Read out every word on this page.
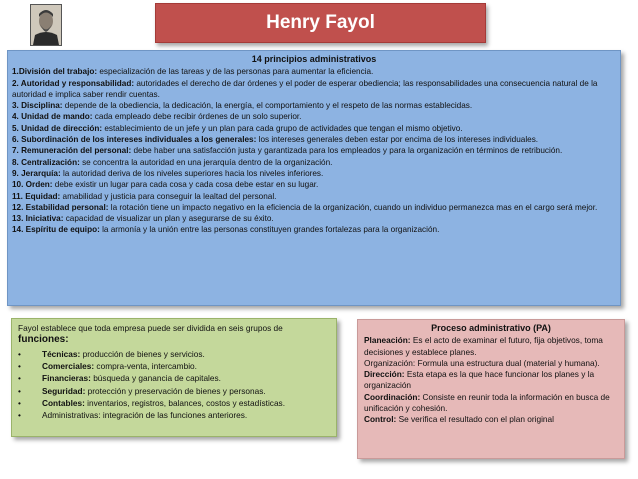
Henry Fayol
14 principios administrativos

1.División del trabajo: especialización de las tareas y de las personas para aumentar la eficiencia.

2. Autoridad y responsabilidad: autoridades el derecho de dar órdenes y el poder de esperar obediencia; las responsabilidades una consecuencia natural de la autoridad e implica saber rendir cuentas.

3. Disciplina: depende de la obediencia, la dedicación, la energía, el comportamiento y el respeto de las normas establecidas.

4. Unidad de mando: cada empleado debe recibir órdenes de un solo superior.

5. Unidad de dirección: establecimiento de un jefe y un plan para cada grupo de actividades que tengan el mismo objetivo.

6. Subordinación de los intereses individuales a los generales: los intereses generales deben estar por encima de los intereses individuales.

7. Remuneración del personal: debe haber una satisfacción justa y garantizada para los empleados y para la organización en términos de retribución.

8. Centralización: se concentra la autoridad en una jerarquía dentro de la organización.

9. Jerarquía: la autoridad deriva de los niveles superiores hacia los niveles inferiores.

10. Orden: debe existir un lugar para cada cosa y cada cosa debe estar en su lugar.

11. Equidad: amabilidad y justicia para conseguir la lealtad del personal.

12. Estabilidad personal: la rotación tiene un impacto negativo en la eficiencia de la organización, cuando un individuo permanezca mas en el cargo será mejor.

13. Iniciativa: capacidad de visualizar un plan y asegurarse de su éxito.

14. Espíritu de equipo: la armonía y la unión entre las personas constituyen grandes fortalezas para la organización.

Fayol establece que toda empresa puede ser dividida en seis grupos de
funciones:
•	Técnicas: producción de bienes y servicios.
•	Comerciales: compra-venta, intercambio.
•	Financieras: búsqueda y ganancia de capitales.
•	Seguridad: protección y preservación de bienes y personas.
•	Contables: inventarios, registros, balances, costos y estadísticas.
•	Administrativas: integración de las funciones anteriores.
Proceso administrativo (PA)

Planeación: Es el acto de examinar el futuro, fija objetivos, toma decisiones y establece planes.

Organización: Formula una estructura dual (material y humana).

Dirección: Esta etapa es la que hace funcionar los planes y la organización

Coordinación: Consiste en reunir toda la información en busca de unificación y cohesión.

Control: Se verifica el resultado con el plan original
